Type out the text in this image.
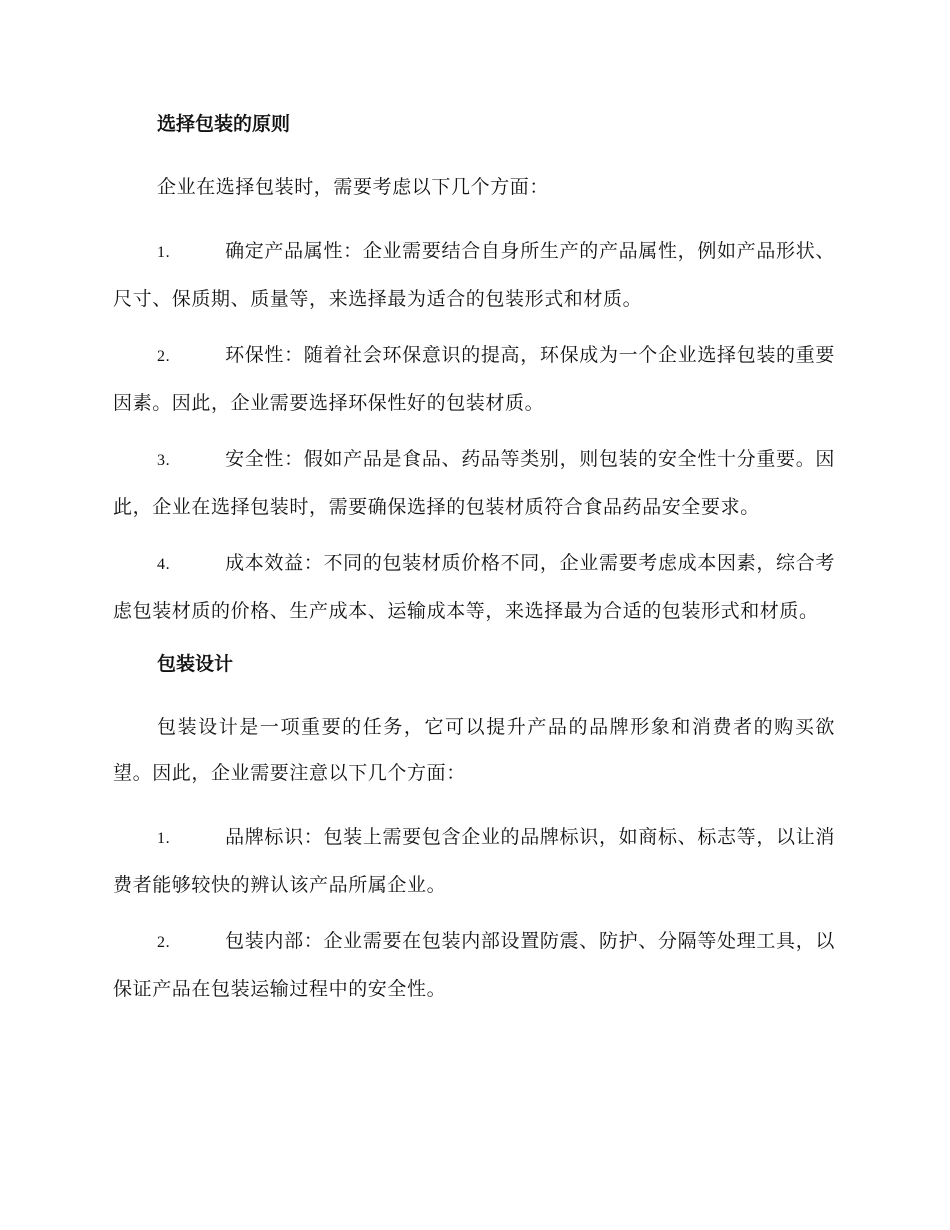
选择包装的原则

企业在选择包装时，需要考虑以下几个方面：

1.	确定产品属性：企业需要结合自身所生产的产品属性，例如产品形状、尺寸、保质期、质量等，来选择最为适合的包装形式和材质。

2.	环保性：随着社会环保意识的提高，环保成为一个企业选择包装的重要因素。因此，企业需要选择环保性好的包装材质。

3.	安全性：假如产品是食品、药品等类别，则包装的安全性十分重要。因此，企业在选择包装时，需要确保选择的包装材质符合食品药品安全要求。

4.	成本效益：不同的包装材质价格不同，企业需要考虑成本因素，综合考虑包装材质的价格、生产成本、运输成本等，来选择最为合适的包装形式和材质。

包装设计

包装设计是一项重要的任务，它可以提升产品的品牌形象和消费者的购买欲望。因此，企业需要注意以下几个方面：

1.	品牌标识：包装上需要包含企业的品牌标识，如商标、标志等，以让消费者能够较快的辨认该产品所属企业。

2.	包装内部：企业需要在包装内部设置防震、防护、分隔等处理工具，以保证产品在包装运输过程中的安全性。
